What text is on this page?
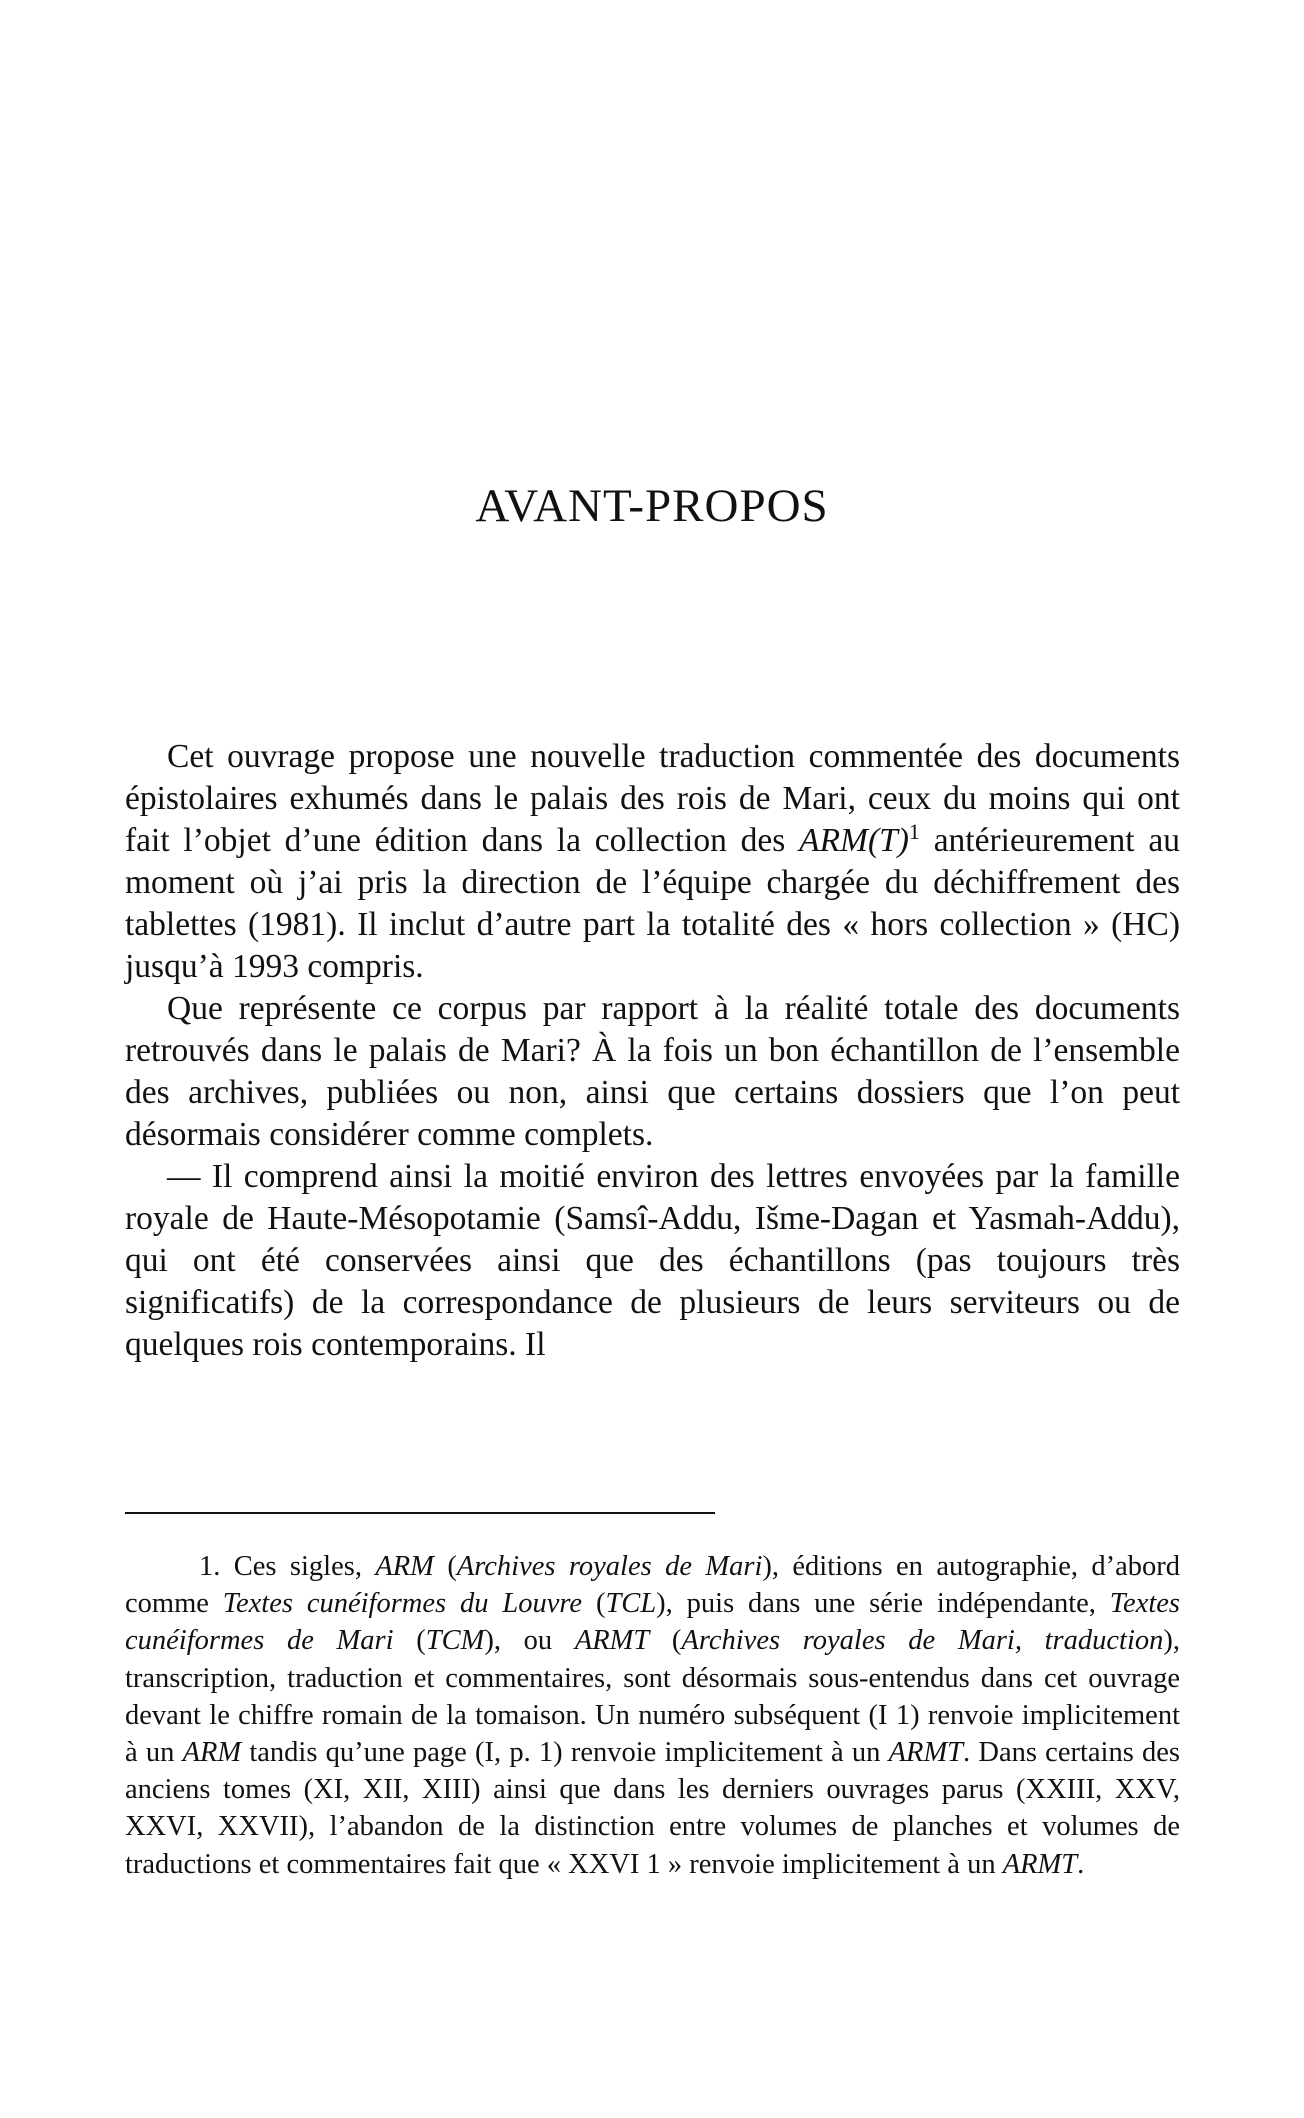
AVANT-PROPOS

Cet ouvrage propose une nouvelle traduction commentée des documents épistolaires exhumés dans le palais des rois de Mari, ceux du moins qui ont fait l’objet d’une édition dans la collection des ARM(T)$^1$ antérieurement au moment où j’ai pris la direction de l’équipe chargée du déchiffrement des tablettes (1981). Il inclut d’autre part la totalité des « hors collection » (HC) jusqu’à 1993 compris.

Que représente ce corpus par rapport à la réalité totale des documents retrouvés dans le palais de Mari? À la fois un bon échantillon de l’ensemble des archives, publiées ou non, ainsi que certains dossiers que l’on peut désormais considérer comme complets.

— Il comprend ainsi la moitié environ des lettres envoyées par la famille royale de Haute-Mésopotamie (Samsî-Addu, Išme-Dagan et Yasmah-Addu), qui ont été conservées ainsi que des échantillons (pas toujours très significatifs) de la correspondance de plusieurs de leurs serviteurs ou de quelques rois contemporains. Il

1. Ces sigles, ARM (Archives royales de Mari), éditions en autographie, d’abord comme Textes cunéiformes du Louvre (TCL), puis dans une série indépendante, Textes cunéiformes de Mari (TCM), ou ARMT (Archives royales de Mari, traduction), transcription, traduction et commentaires, sont désormais sous-entendus dans cet ouvrage devant le chiffre romain de la tomaison. Un numéro subséquent (I 1) renvoie implicitement à un ARM tandis qu’une page (I, p. 1) renvoie implicitement à un ARMT. Dans certains des anciens tomes (XI, XII, XIII) ainsi que dans les derniers ouvrages parus (XXIII, XXV, XXVI, XXVII), l’abandon de la distinction entre volumes de planches et volumes de traductions et commentaires fait que « XXVI 1 » renvoie implicitement à un ARMT.
